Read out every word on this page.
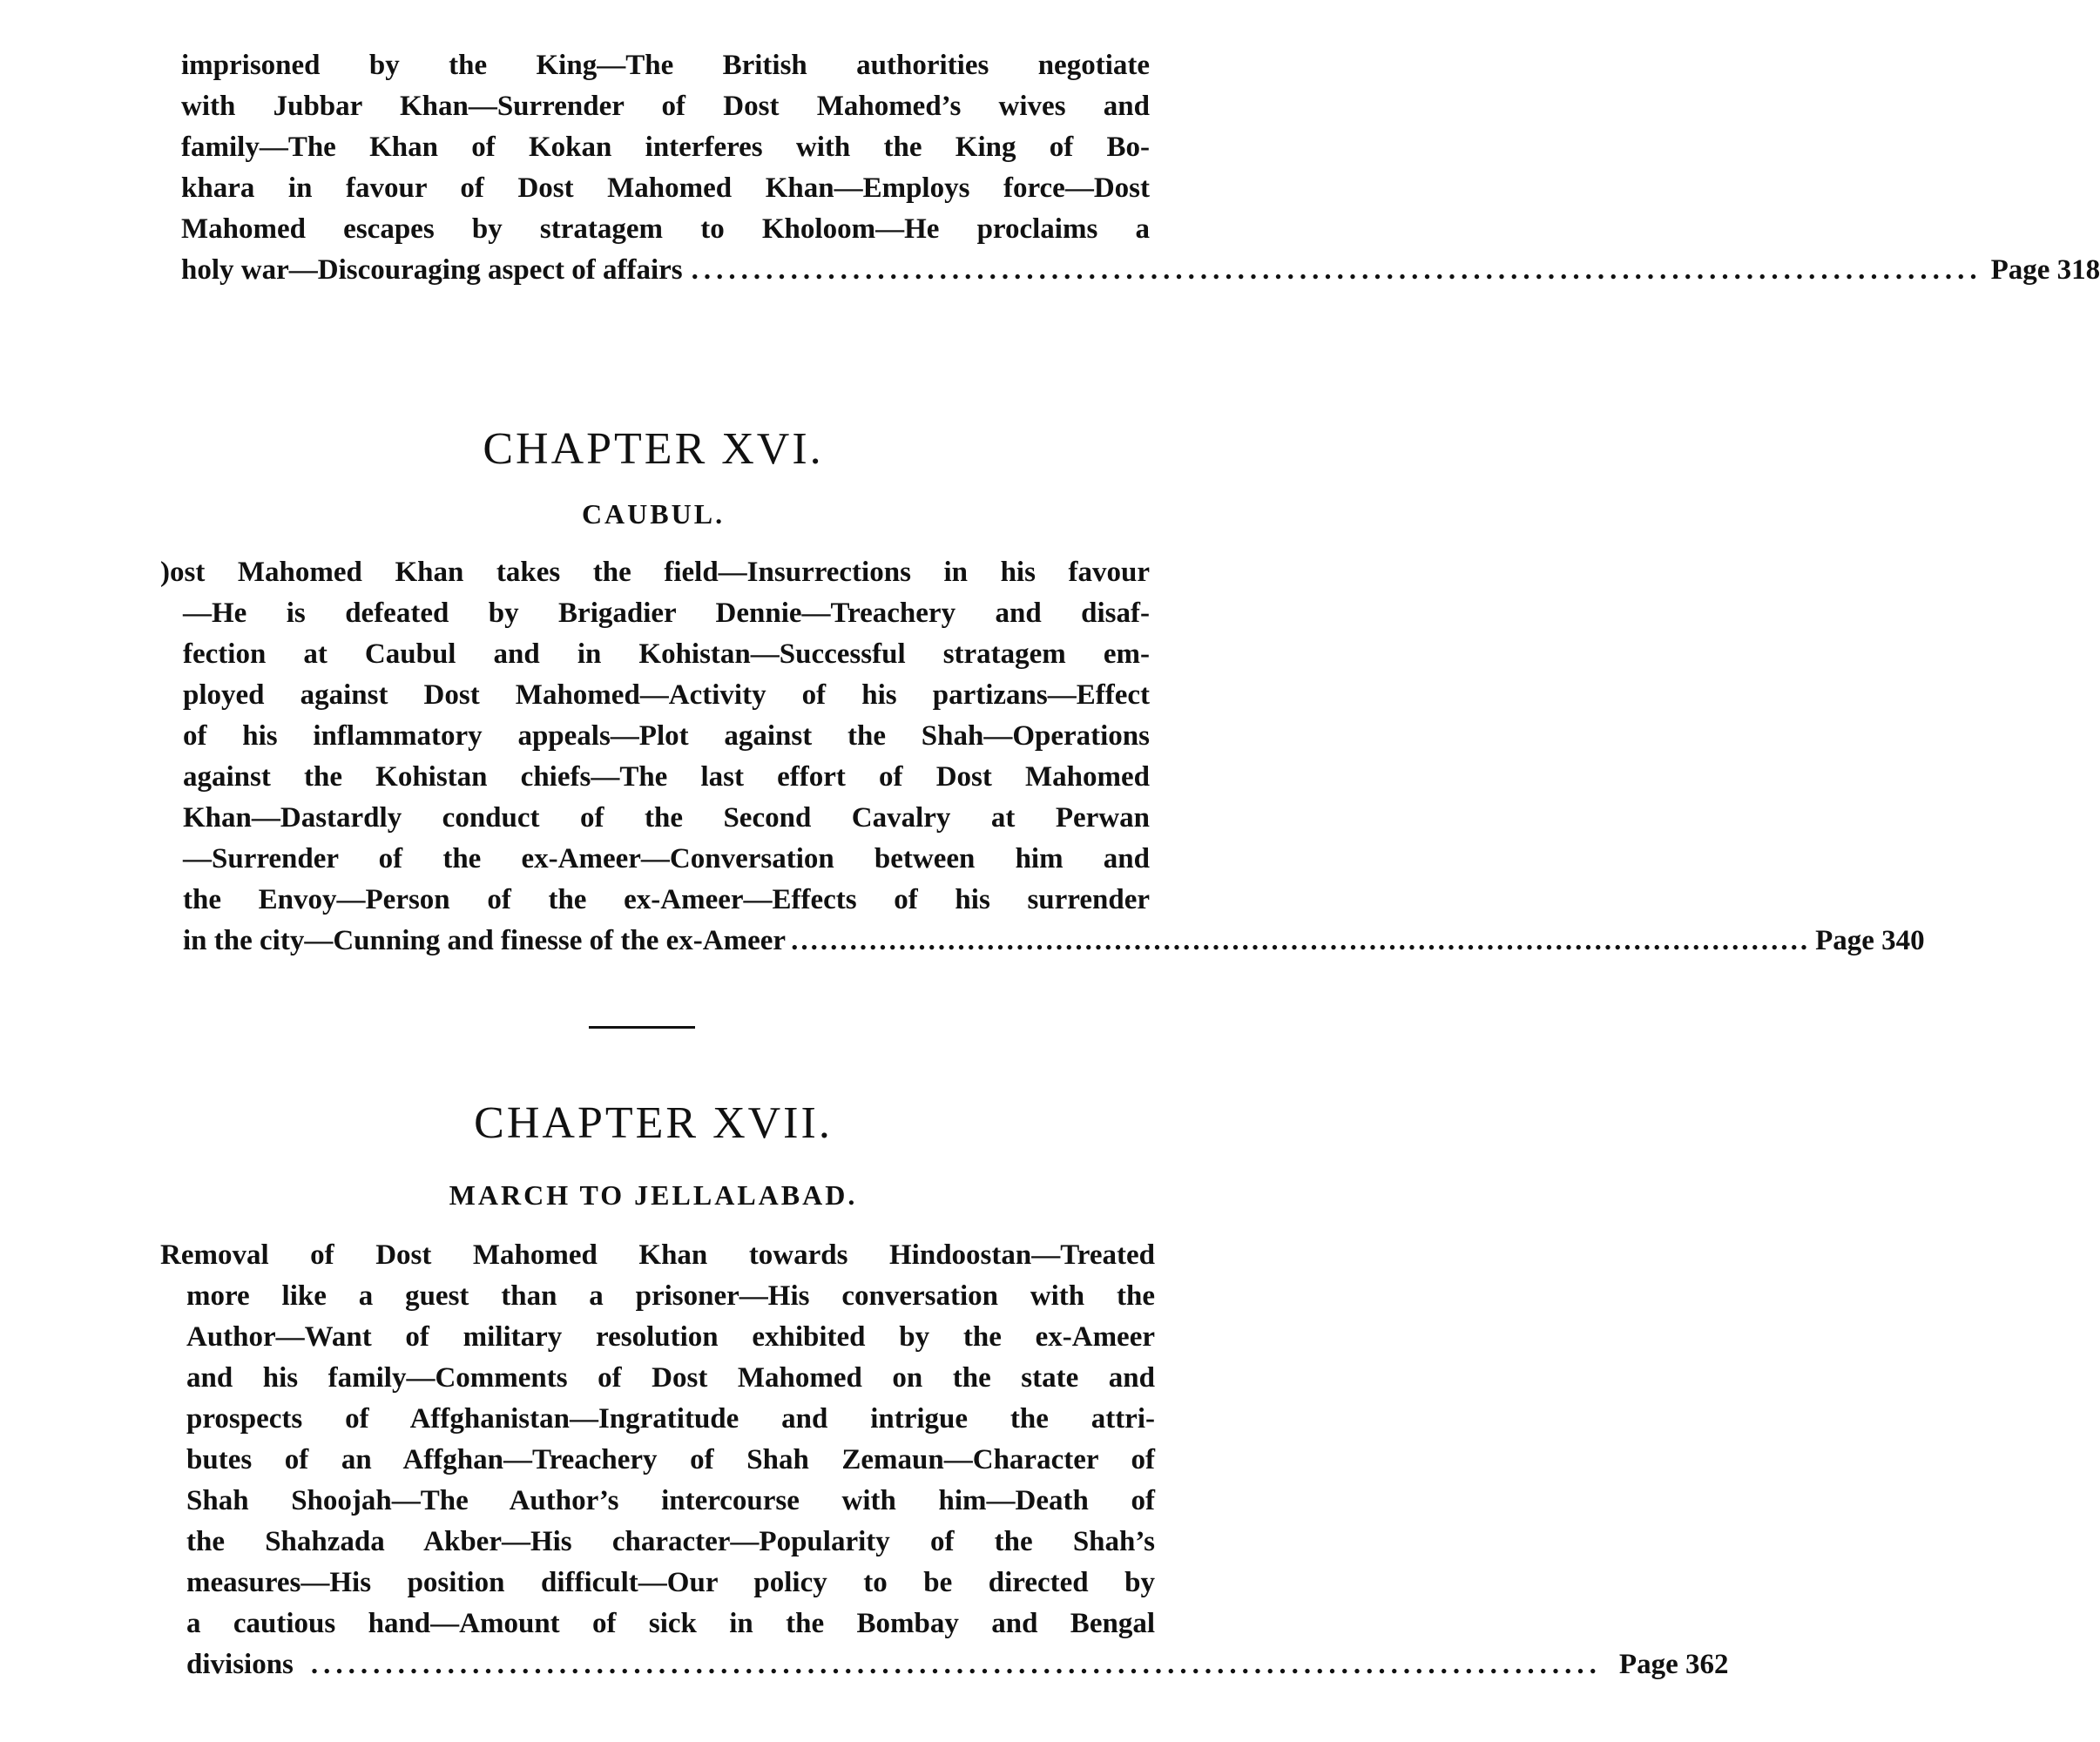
imprisoned by the King—The British authorities negotiate
with Jubbar Khan—Surrender of Dost Mahomed’s wives and
family—The Khan of Kokan interferes with the King of Bo-
khara in favour of Dost Mahomed Khan—Employs force—Dost
Mahomed escapes by stratagem to Kholoom—He proclaims a
holy war—Discouraging aspect of affairs ........................................................................................................ Page 318
CHAPTER XVI.
CAUBUL.
)ost Mahomed Khan takes the field—Insurrections in his favour
—He is defeated by Brigadier Dennie—Treachery and disaf-
fection at Caubul and in Kohistan—Successful stratagem em-
ployed against Dost Mahomed—Activity of his partizans—Effect
of his inflammatory appeals—Plot against the Shah—Operations
against the Kohistan chiefs—The last effort of Dost Mahomed
Khan—Dastardly conduct of the Second Cavalry at Perwan
—Surrender of the ex-Ameer—Conversation between him and
the Envoy—Person of the ex-Ameer—Effects of his surrender
in the city—Cunning and finesse of the ex-Ameer ........................................................................................................ Page 340
CHAPTER XVII.
MARCH TO JELLALABAD.
Removal of Dost Mahomed Khan towards Hindoostan—Treated
more like a guest than a prisoner—His conversation with the
Author—Want of military resolution exhibited by the ex-Ameer
and his family—Comments of Dost Mahomed on the state and
prospects of Affghanistan—Ingratitude and intrigue the attri-
butes of an Affghan—Treachery of Shah Zemaun—Character of
Shah Shoojah—The Author’s intercourse with him—Death of
the Shahzada Akber—His character—Popularity of the Shah’s
measures—His position difficult—Our policy to be directed by
a cautious hand—Amount of sick in the Bombay and Bengal
divisions ........................................................................................................ Page 362
